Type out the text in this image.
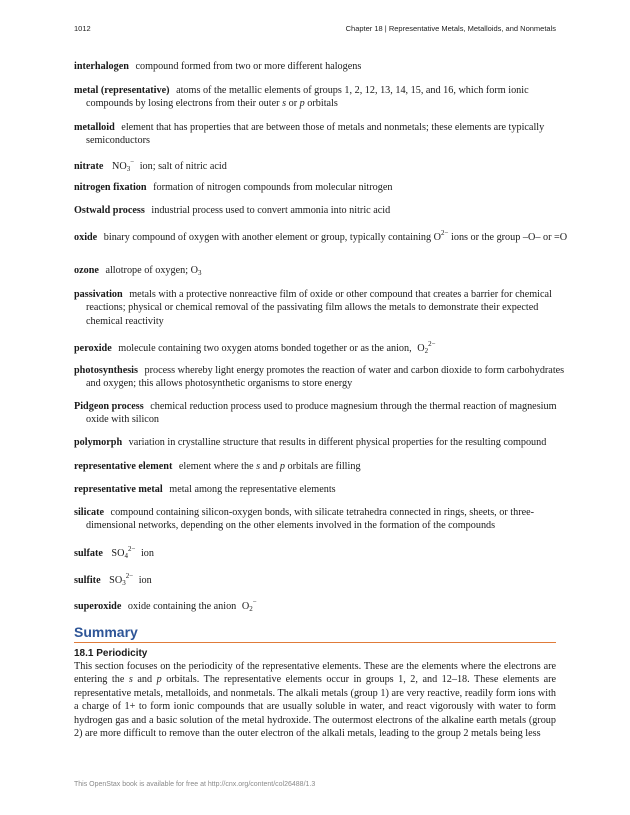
1012	Chapter 18 | Representative Metals, Metalloids, and Nonmetals
interhalogen compound formed from two or more different halogens
metal (representative) atoms of the metallic elements of groups 1, 2, 12, 13, 14, 15, and 16, which form ionic compounds by losing electrons from their outer s or p orbitals
metalloid element that has properties that are between those of metals and nonmetals; these elements are typically semiconductors
nitrate $NO_3^-$ ion; salt of nitric acid
nitrogen fixation formation of nitrogen compounds from molecular nitrogen
Ostwald process industrial process used to convert ammonia into nitric acid
oxide binary compound of oxygen with another element or group, typically containing $O^{2-}$ ions or the group –O– or =O
ozone allotrope of oxygen; $O_3$
passivation metals with a protective nonreactive film of oxide or other compound that creates a barrier for chemical reactions; physical or chemical removal of the passivating film allows the metals to demonstrate their expected chemical reactivity
peroxide molecule containing two oxygen atoms bonded together or as the anion, $O_2^{2-}$
photosynthesis process whereby light energy promotes the reaction of water and carbon dioxide to form carbohydrates and oxygen; this allows photosynthetic organisms to store energy
Pidgeon process chemical reduction process used to produce magnesium through the thermal reaction of magnesium oxide with silicon
polymorph variation in crystalline structure that results in different physical properties for the resulting compound
representative element element where the s and p orbitals are filling
representative metal metal among the representative elements
silicate compound containing silicon-oxygen bonds, with silicate tetrahedra connected in rings, sheets, or three-dimensional networks, depending on the other elements involved in the formation of the compounds
sulfate $SO_4^{2-}$ ion
sulfite $SO_3^{2-}$ ion
superoxide oxide containing the anion $O_2^-$
Summary
18.1 Periodicity
This section focuses on the periodicity of the representative elements. These are the elements where the electrons are entering the s and p orbitals. The representative elements occur in groups 1, 2, and 12–18. These elements are representative metals, metalloids, and nonmetals. The alkali metals (group 1) are very reactive, readily form ions with a charge of 1+ to form ionic compounds that are usually soluble in water, and react vigorously with water to form hydrogen gas and a basic solution of the metal hydroxide. The outermost electrons of the alkaline earth metals (group 2) are more difficult to remove than the outer electron of the alkali metals, leading to the group 2 metals being less
This OpenStax book is available for free at http://cnx.org/content/col26488/1.3
